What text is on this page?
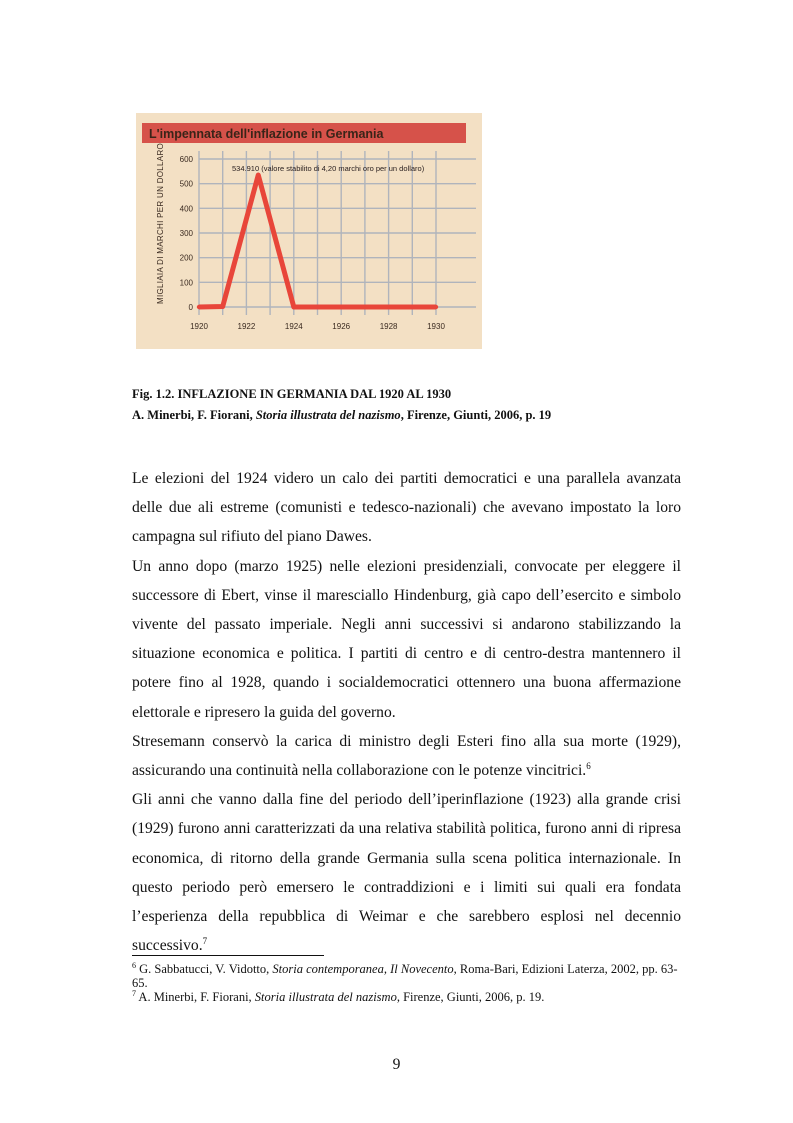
L'impennata dell'inflazione in Germania
MIGLIAIA DI MARCHI PER UN DOLLARO 600
500
400
300
200
100
0
1920	1922	1924	1926	1928	1930
534.910 (valore stabilito di 4,20 marchi oro per un dollaro)
Fig. 1.2. INFLAZIONE IN GERMANIA DAL 1920 AL 1930
A. Minerbi, F. Fiorani, Storia illustrata del nazismo, Firenze, Giunti, 2006, p. 19

Le elezioni del 1924 videro un calo dei partiti democratici e una parallela avanzata delle due ali estreme (comunisti e tedesco-nazionali) che avevano impostato la loro campagna sul rifiuto del piano Dawes.

Un anno dopo (marzo 1925) nelle elezioni presidenziali, convocate per eleggere il successore di Ebert, vinse il maresciallo Hindenburg, già capo dell’esercito e simbolo vivente del passato imperiale. Negli anni successivi si andarono stabilizzando la situazione economica e politica. I partiti di centro e di centro-destra mantennero il potere fino al 1928, quando i socialdemocratici ottennero una buona affermazione elettorale e ripresero la guida del governo.

Stresemann conservò la carica di ministro degli Esteri fino alla sua morte (1929), assicurando una continuità nella collaborazione con le potenze vincitrici.$^6$

Gli anni che vanno dalla fine del periodo dell’iperinflazione (1923) alla grande crisi (1929) furono anni caratterizzati da una relativa stabilità politica, furono anni di ripresa economica, di ritorno della grande Germania sulla scena politica internazionale. In questo periodo però emersero le contraddizioni e i limiti sui quali era fondata l’esperienza della repubblica di Weimar e che sarebbero esplosi nel decennio successivo.$^7$

$^6$ G. Sabbatucci, V. Vidotto, Storia contemporanea, Il Novecento, Roma-Bari, Edizioni Laterza, 2002, pp. 63-65.

$^7$ A. Minerbi, F. Fiorani, Storia illustrata del nazismo, Firenze, Giunti, 2006, p. 19.

9
